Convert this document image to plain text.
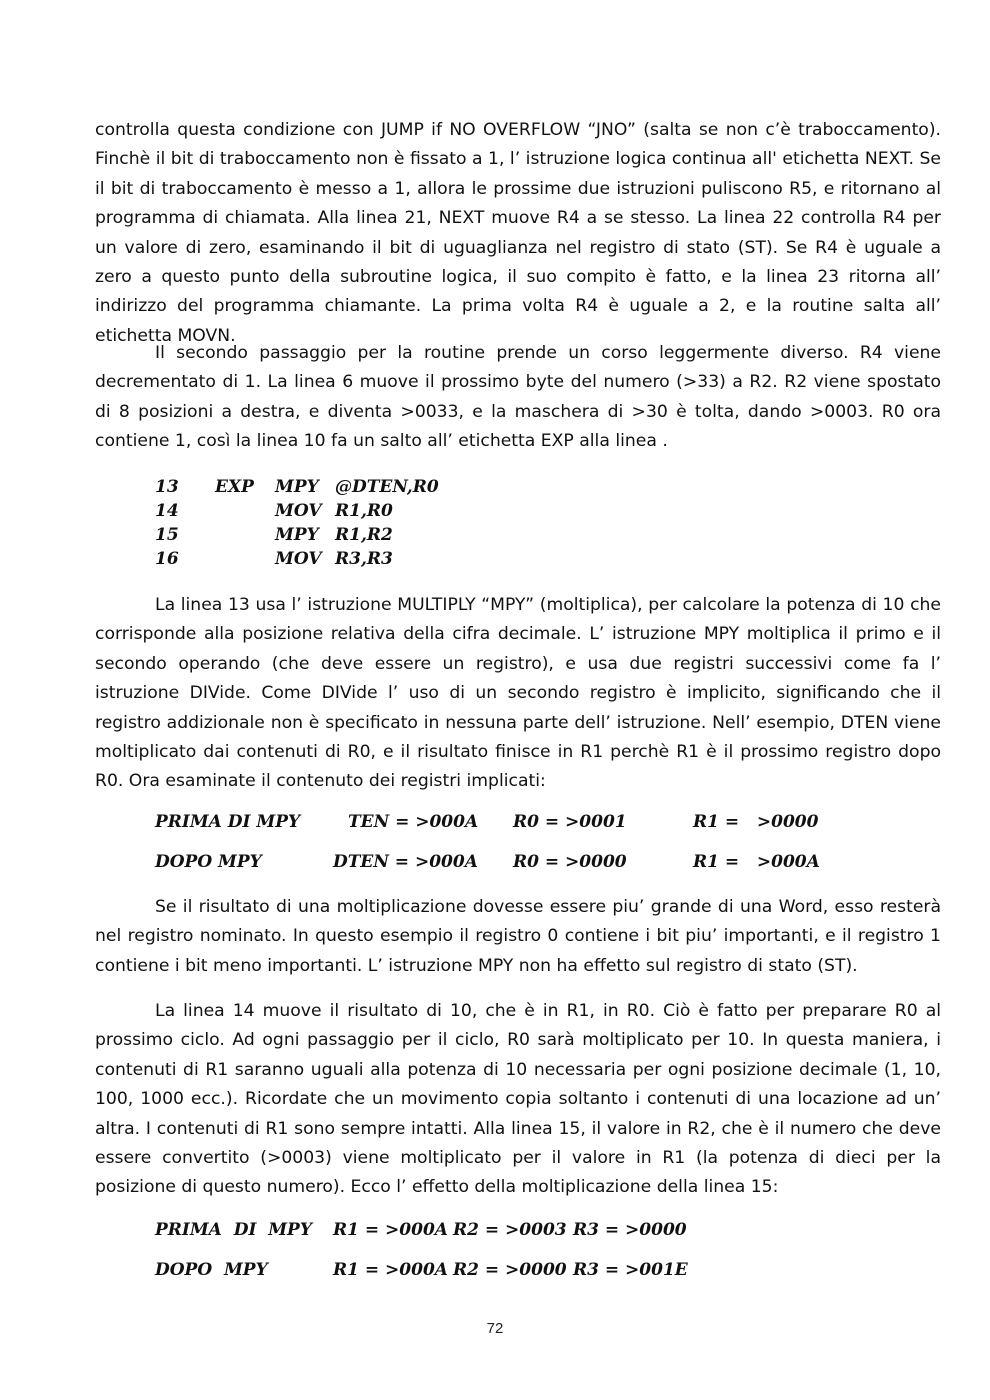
controlla questa condizione con JUMP if NO OVERFLOW “JNO” (salta se non c’è traboccamento). Finchè il bit di traboccamento non è fissato a 1, l’ istruzione logica continua all' etichetta NEXT. Se il bit di traboccamento è messo a 1, allora le prossime due istruzioni puliscono R5, e ritornano al programma di chiamata. Alla linea 21, NEXT muove R4 a se stesso. La linea 22 controlla R4 per un valore di zero, esaminando il bit di uguaglianza nel registro di stato (ST). Se R4 è uguale a zero a questo punto della subroutine logica, il suo compito è fatto, e la linea 23 ritorna all’ indirizzo del programma chiamante. La prima volta R4 è uguale a 2, e la routine salta all’ etichetta MOVN.

Il secondo passaggio per la routine prende un corso leggermente diverso. R4 viene decrementato di 1. La linea 6 muove il prossimo byte del numero (>33) a R2. R2 viene spostato di 8 posizioni a destra, e diventa >0033, e la maschera di >30 è tolta, dando >0003. R0 ora contiene 1, così la linea 10 fa un salto all’ etichetta EXP alla linea .

13 EXP MPY @DTEN,R0
14	MOV R1,R0
15	MPY R1,R2
16	MOV R3,R3

La linea 13 usa l’ istruzione MULTIPLY “MPY” (moltiplica), per calcolare la potenza di 10 che corrisponde alla posizione relativa della cifra decimale. L’ istruzione MPY moltiplica il primo e il secondo operando (che deve essere un registro), e usa due registri successivi come fa l’ istruzione DIVide. Come DIVide l’ uso di un secondo registro è implicito, significando che il registro addizionale non è specificato in nessuna parte dell’ istruzione. Nell’ esempio, DTEN viene moltiplicato dai contenuti di R0, e il risultato finisce in R1 perchè R1 è il prossimo registro dopo R0. Ora esaminate il contenuto dei registri implicati:

PRIMA DI MPY	TEN = >000A R0 = >0001	R1 =   >0000
DOPO MPY	DTEN = >000A R0 = >0000	R1 =   >000A

Se il risultato di una moltiplicazione dovesse essere piu’ grande di una Word, esso resterà nel registro nominato. In questo esempio il registro 0 contiene i bit piu’ importanti, e il registro 1 contiene i bit meno importanti. L’ istruzione MPY non ha effetto sul registro di stato (ST).

La linea 14 muove il risultato di 10, che è in R1, in R0. Ciò è fatto per preparare R0 al prossimo ciclo. Ad ogni passaggio per il ciclo, R0 sarà moltiplicato per 10. In questa maniera, i contenuti di R1 saranno uguali alla potenza di 10 necessaria per ogni posizione decimale (1, 10, 100, 1000 ecc.). Ricordate che un movimento copia soltanto i contenuti di una locazione ad un’ altra. I contenuti di R1 sono sempre intatti. Alla linea 15, il valore in R2, che è il numero che deve essere convertito (>0003) viene moltiplicato per il valore in R1 (la potenza di dieci per la posizione di questo numero). Ecco l’ effetto della moltiplicazione della linea 15:

PRIMA  DI  MPY R1 = >000A R2 = >0003 R3 = >0000
DOPO  MPY	R1 = >000A R2 = >0000 R3 = >001E
72
